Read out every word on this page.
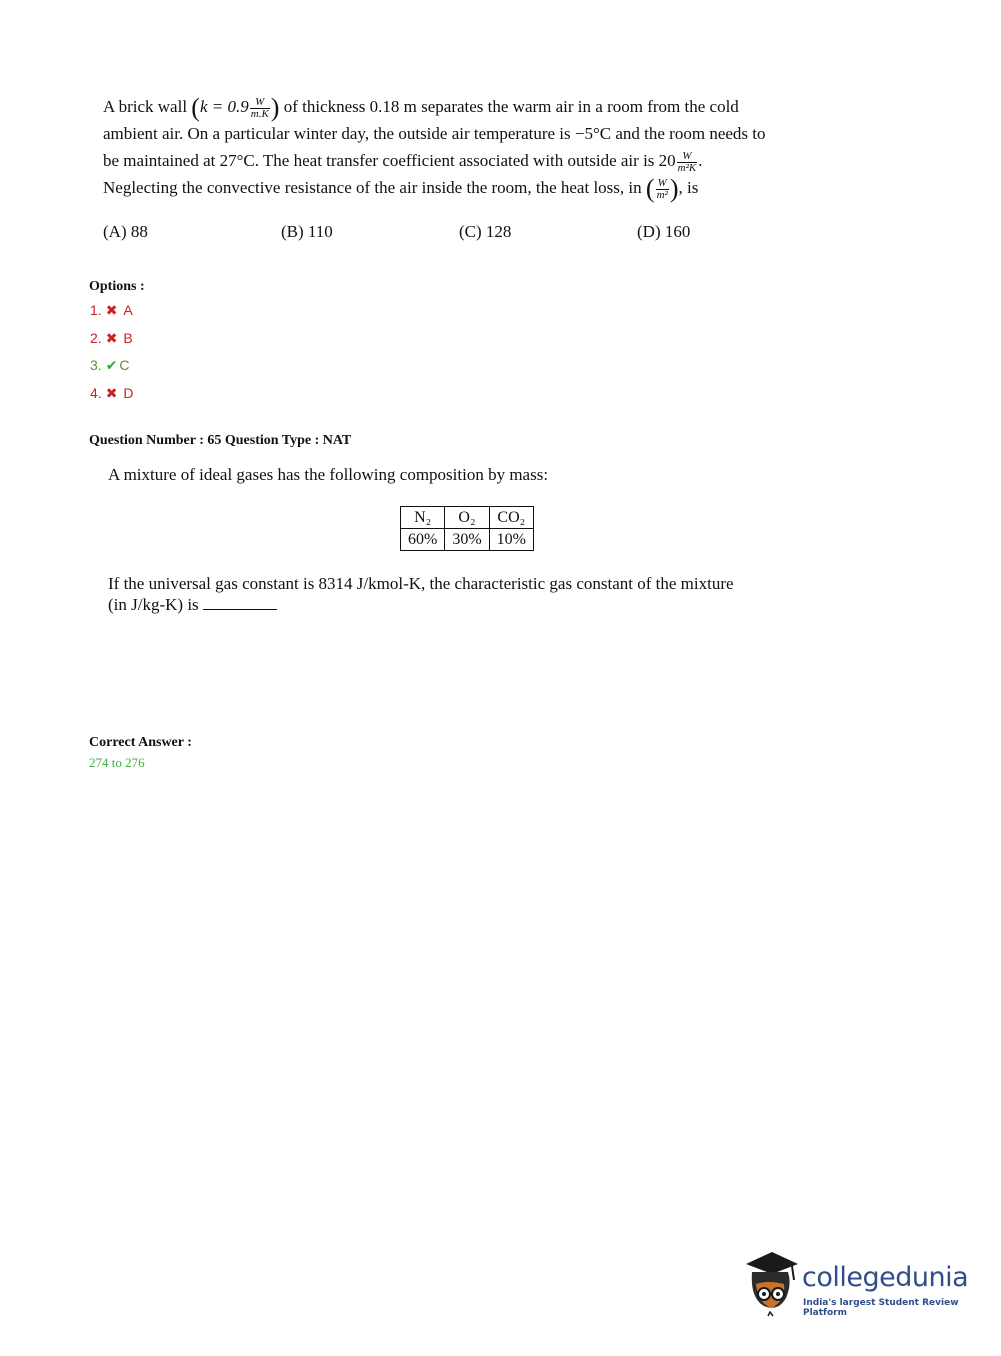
A brick wall ($k = 0.9 \frac{W}{m.K}$ ) of thickness 0.18 m separates the warm air in a room from the cold
ambient air. On a particular winter day, the outside air temperature is −5°C and the room needs to
be maintained at 27°C. The heat transfer coefficient associated with outside air is $20 \frac{W}{\text{m²K}}$ .
Neglecting the convective resistance of the air inside the room, the heat loss, in ( $\frac{W}{\text{m²}}$ ), is
(A) 88	(B) 110	(C) 128	(D) 160
Options :
1. ✖ A
2. ✖ B
3. ✔ C
4. ✖ D
Question Number : 65 Question Type : NAT
A mixture of ideal gases has the following composition by mass:
N₂	O₂	CO₂
60%	30%	10%
If the universal gas constant is 8314 J/kmol-K, the characteristic gas constant of the mixture
(in J/kg-K) is
Correct Answer :
274 to 276
collegedunia
India's largest Student Review Platform
